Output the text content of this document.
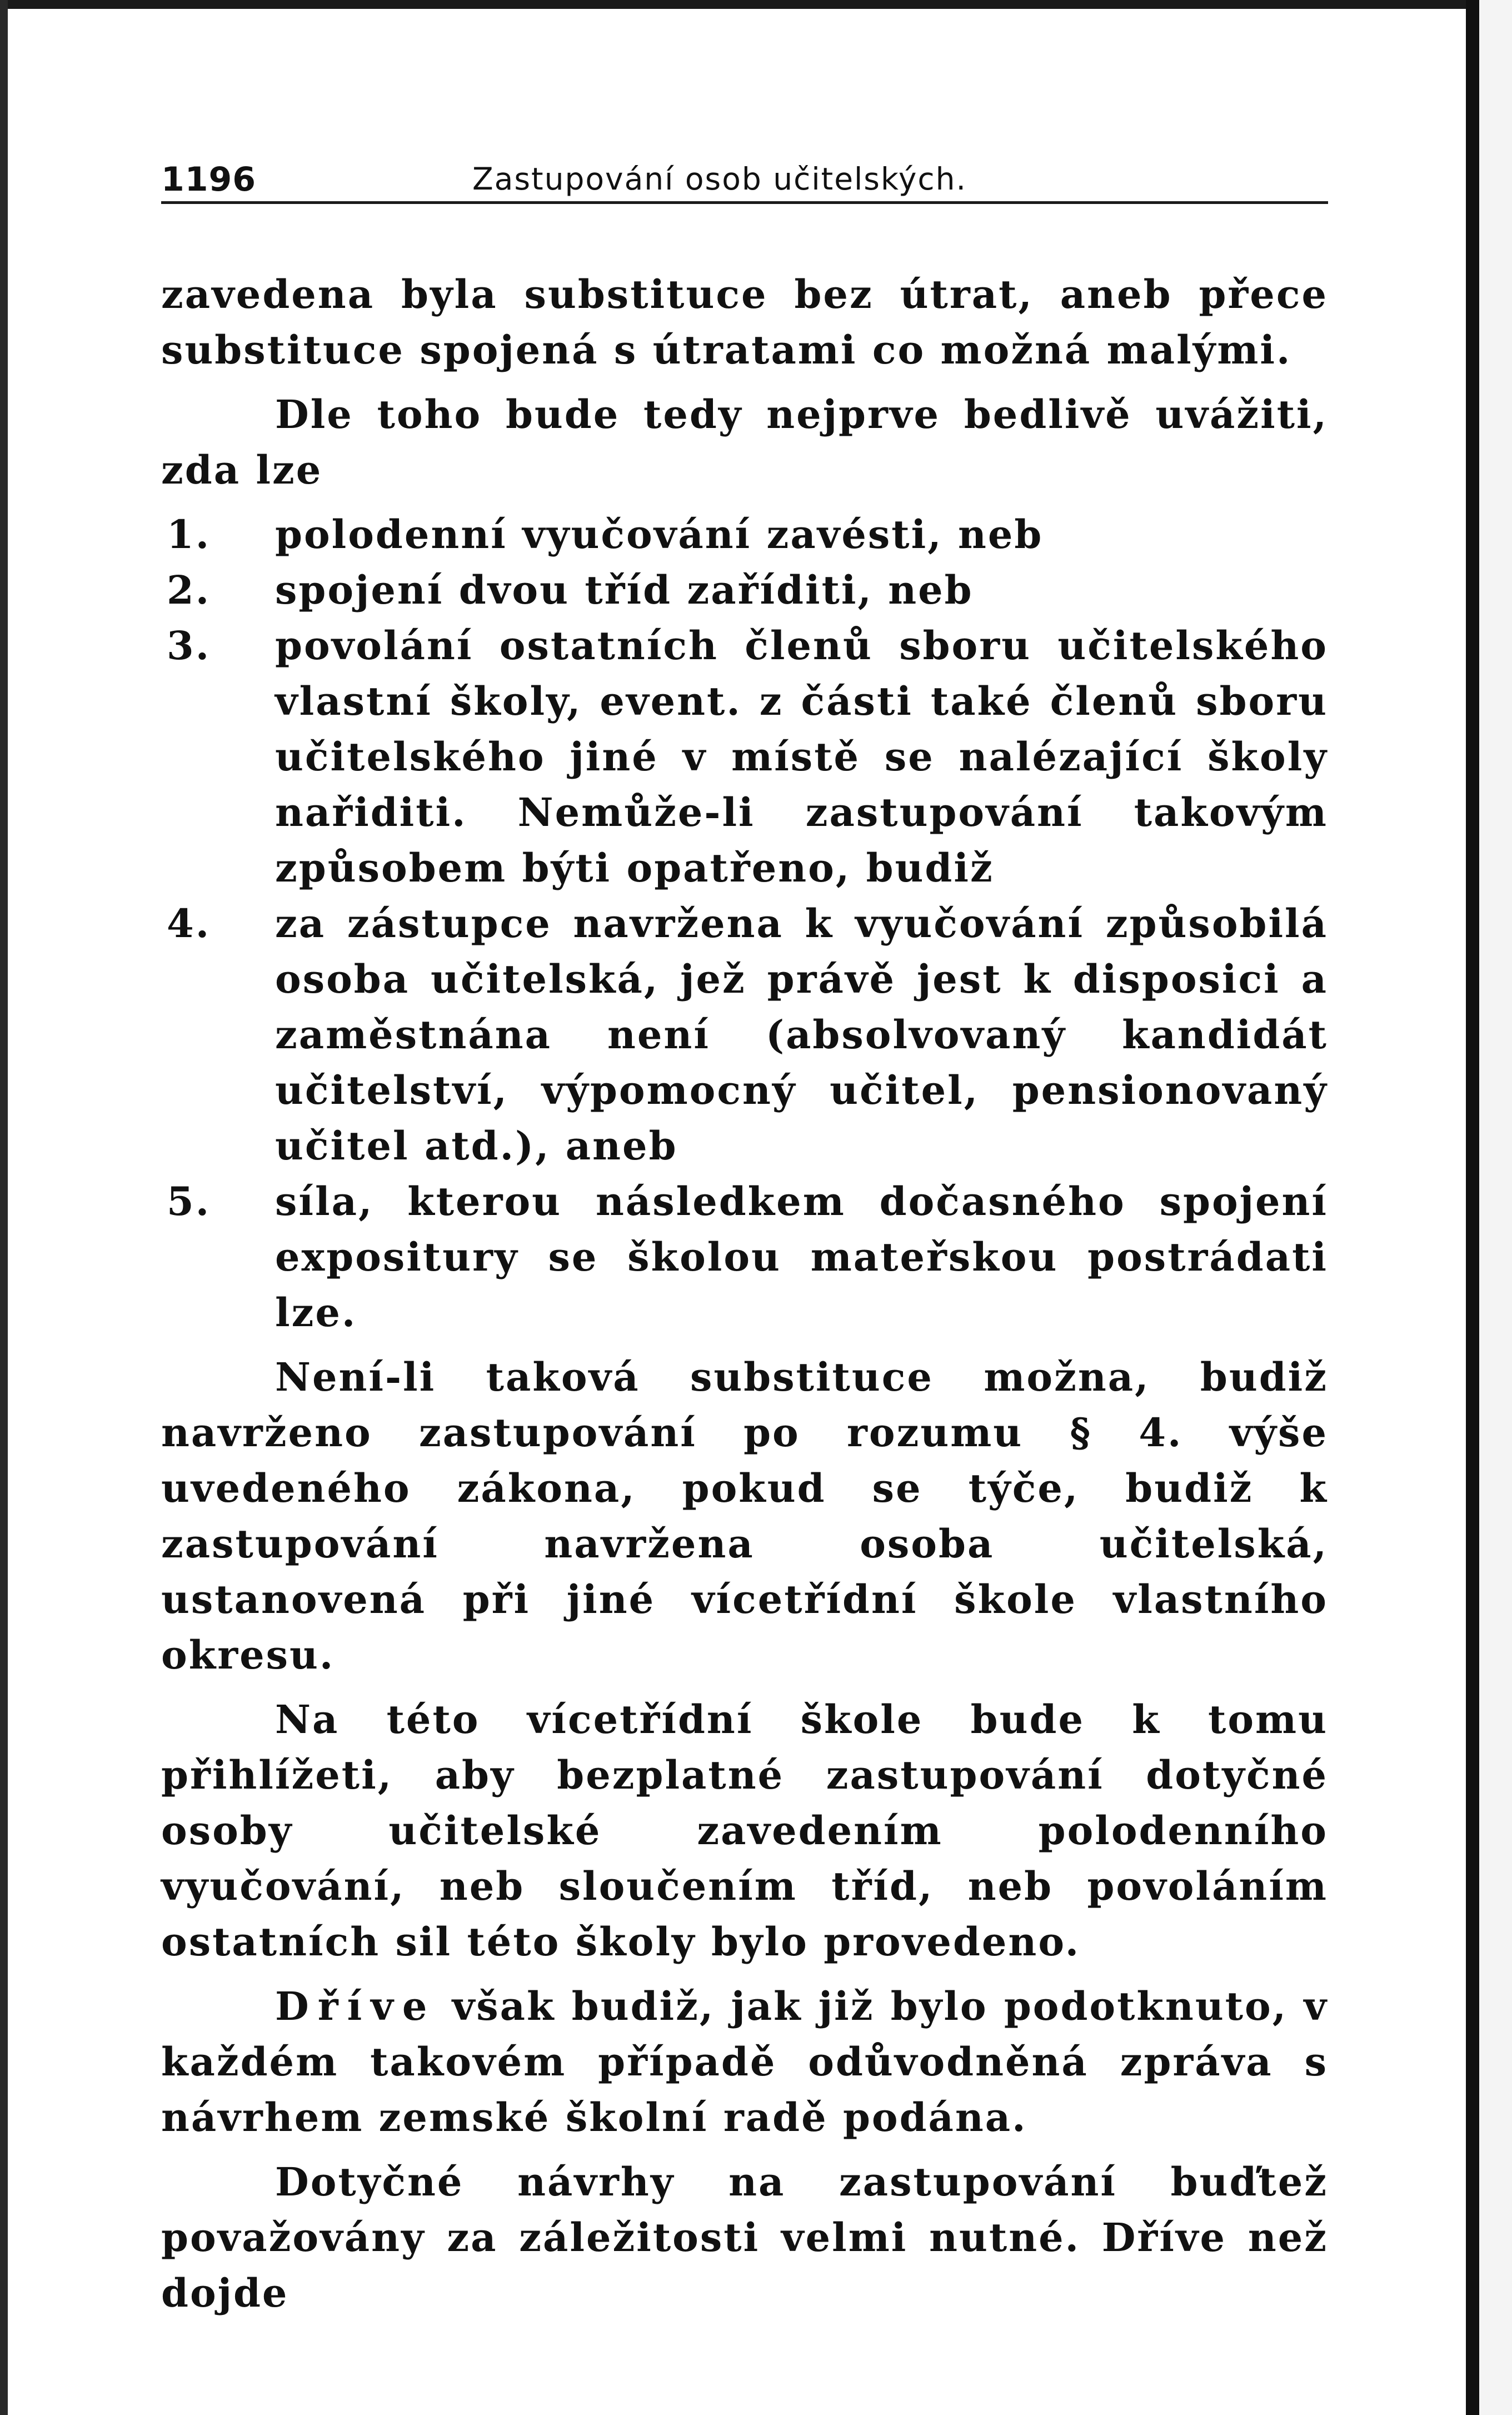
1196	Zastupování osob učitelských.

zavedena byla substituce bez útrat, aneb přece substituce spojená s útratami co možná malými.

Dle toho bude tedy nejprve bedlivě uvážiti, zda lze

1.	polodenní vyučování zavésti, neb
2.	spojení dvou tříd zaříditi, neb
3.	povolání ostatních členů sboru učitelského vlastní školy, event. z části také členů sboru učitelského jiné v místě se nalézající školy nařiditi. Nemůže-li zastupování takovým způsobem býti opatřeno, budiž
4.	za zástupce navržena k vyučování způsobilá osoba učitelská, jež právě jest k disposici a zaměstnána není (absolvovaný kandidát učitelství, výpomocný učitel, pensionovaný učitel atd.), aneb
5.	síla, kterou následkem dočasného spojení expositury se školou mateřskou postrádati lze.

Není-li taková substituce možna, budiž navrženo zastupování po rozumu § 4. výše uvedeného zákona, pokud se týče, budiž k zastupování navržena osoba učitelská, ustanovená při jiné vícetřídní škole vlastního okresu.

Na této vícetřídní škole bude k tomu přihlížeti, aby bezplatné zastupování dotyčné osoby učitelské zavedením polodenního vyučování, neb sloučením tříd, neb povoláním ostatních sil této školy bylo provedeno.

Dříve však budiž, jak již bylo podotknuto, v každém takovém případě odůvodněná zpráva s návrhem zemské školní radě podána.

Dotyčné návrhy na zastupování buďtež považovány za záležitosti velmi nutné. Dříve než dojde
